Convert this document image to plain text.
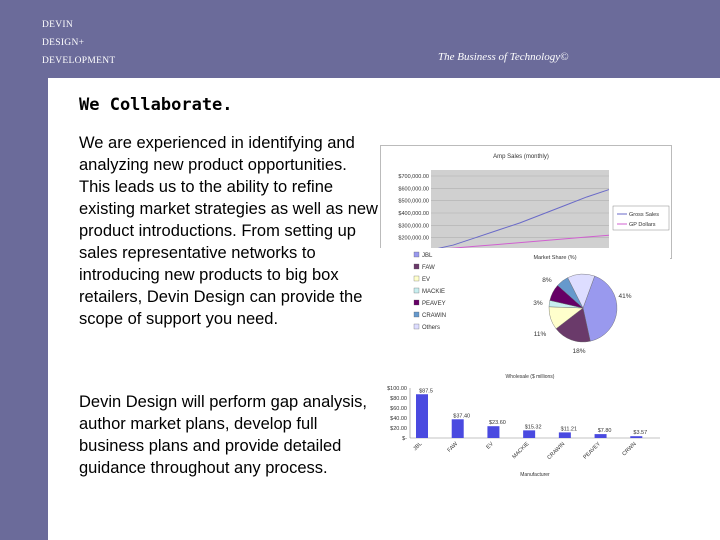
DEVIN
DESIGN+
DEVELOPMENT	The Business of Technology©
We Collaborate.
We are experienced in identifying and analyzing new product opportunities. This leads us to the ability to refine existing market strategies as well as new product introductions. From setting up sales representative networks to introducing new products to big box retailers, Devin Design can provide the scope of support you need.
Devin Design will perform gap analysis, author market plans, develop full business plans and provide detailed guidance throughout any process.
Amp Sales (monthly)
$200,000.00
$300,000.00
$400,000.00
$500,000.00
$600,000.00
$700,000.00
Gross Sales
GP Dollars
Market Share (%)
JBL
FAW
EV
MACKIE
PEAVEY
CRAWIN
Others
41%
18%
11%
3%
8%
$-
$20.00
$40.00
$60.00
$80.00
$100.00 $87.5
JBL
$37.40
FAW
$23.60
EV
$15.32
MACKIE
$11.21
CRAWIN
$7.80
PEAVEY
$3.57
CRWN
Wholesale ($ millions)
Manufacturer
